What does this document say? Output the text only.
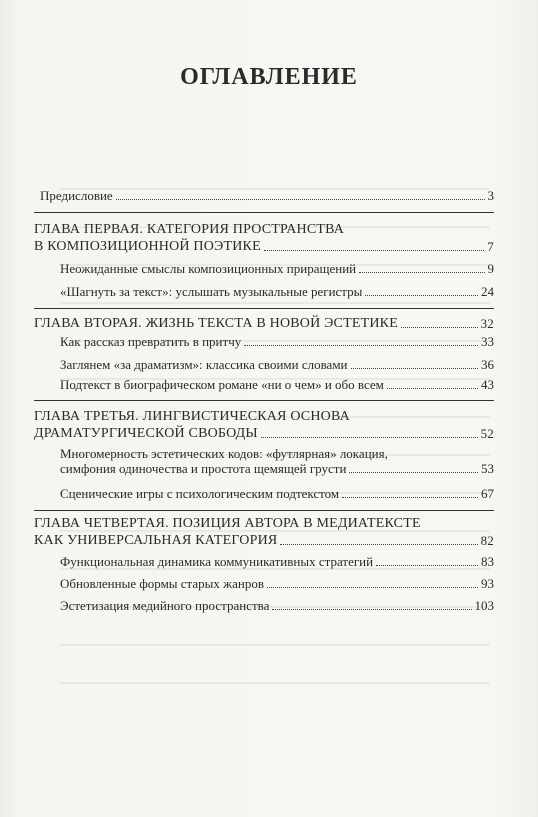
ОГЛАВЛЕНИЕ
Предисловие	3
ГЛАВА ПЕРВАЯ. КАТЕГОРИЯ ПРОСТРАНСТВА
В КОМПОЗИЦИОННОЙ ПОЭТИКЕ	7
Неожиданные смыслы композиционных приращений	9
«Шагнуть за текст»: услышать музыкальные регистры	24
ГЛАВА ВТОРАЯ. ЖИЗНЬ ТЕКСТА В НОВОЙ ЭСТЕТИКЕ	32
Как рассказ превратить в притчу	33
Заглянем «за драматизм»: классика своими словами	36
Подтекст в биографическом романе «ни о чем» и обо всем	43
ГЛАВА ТРЕТЬЯ. ЛИНГВИСТИЧЕСКАЯ ОСНОВА
ДРАМАТУРГИЧЕСКОЙ СВОБОДЫ	52
Многомерность эстетических кодов: «футлярная» локация,
симфония одиночества и простота щемящей грусти	53
Сценические игры с психологическим подтекстом	67
ГЛАВА ЧЕТВЕРТАЯ. ПОЗИЦИЯ АВТОРА В МЕДИАТЕКСТЕ
КАК УНИВЕРСАЛЬНАЯ КАТЕГОРИЯ	82
Функциональная динамика коммуникативных стратегий	83
Обновленные формы старых жанров	93
Эстетизация медийного пространства	103
